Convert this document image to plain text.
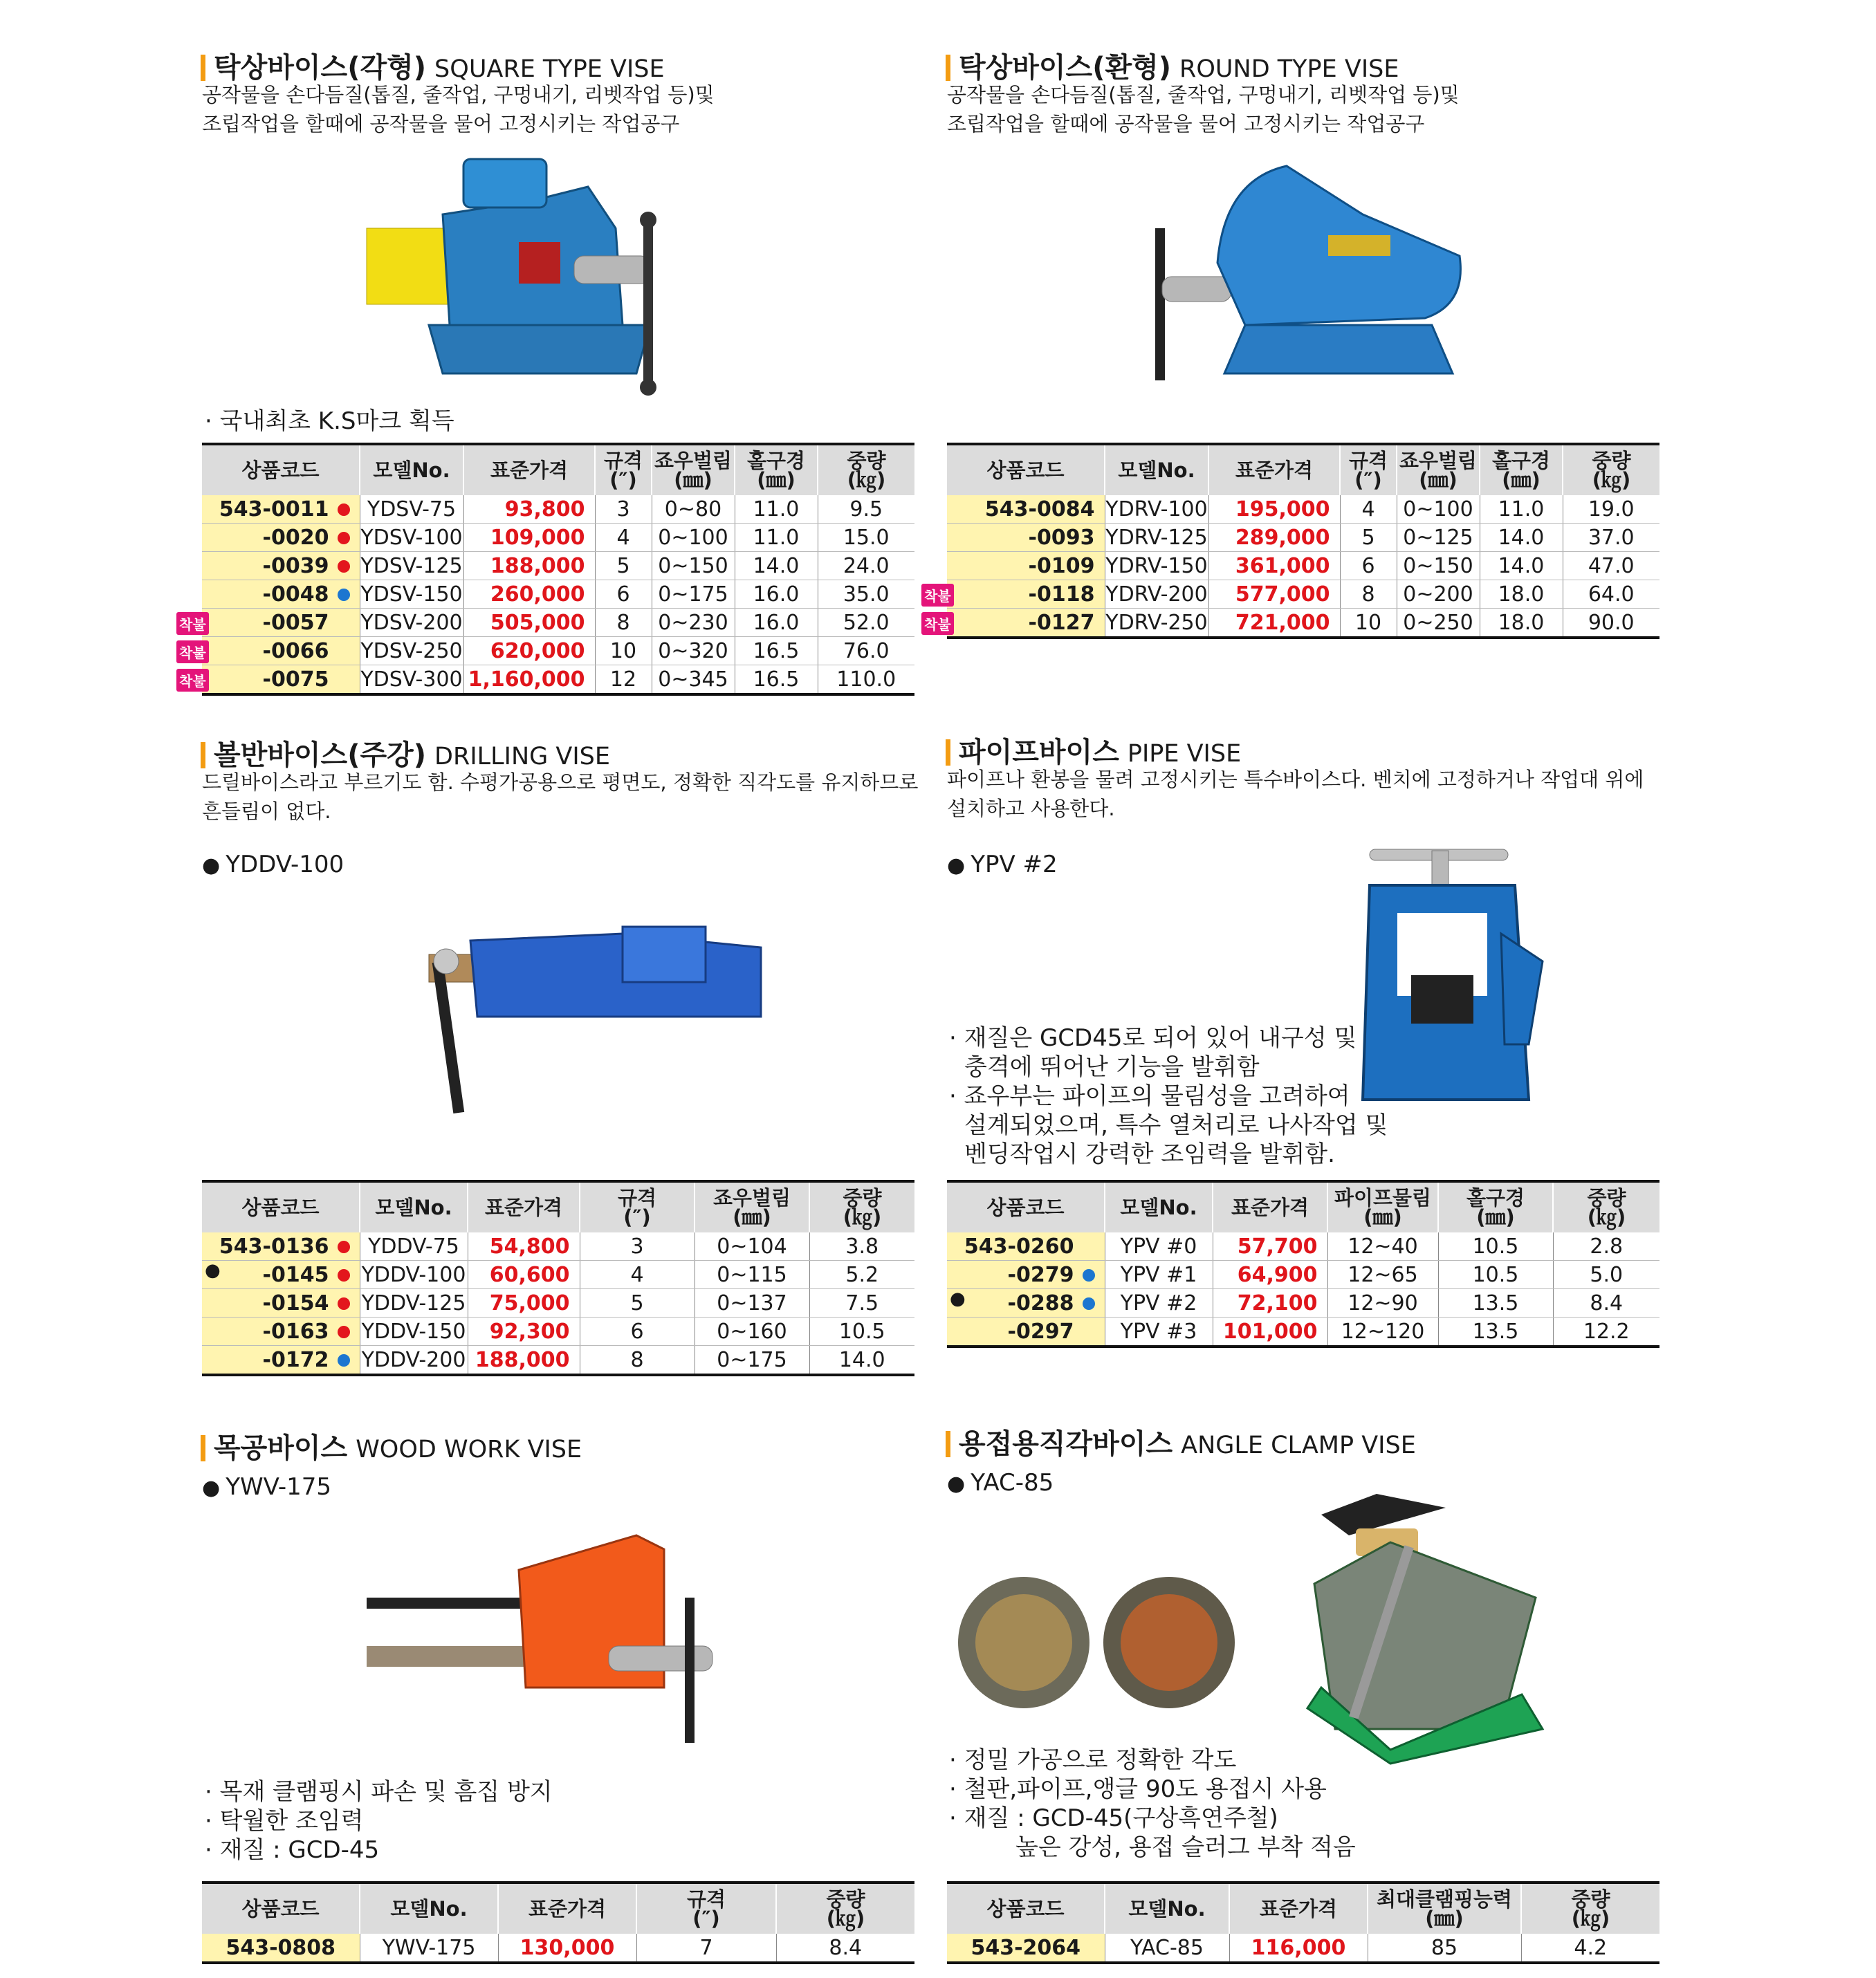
탁상바이스(각형) SQUARE TYPE VISE
공작물을 손다듬질(톱질, 줄작업, 구멍내기, 리벳작업 등)및
조립작업을 할때에 공작물을 물어 고정시키는 작업공구
· 국내최초 K.S마크 획득
상품코드	모델No.	표준가격	규격
(″)	죠우벌림
(㎜)	홀구경
(㎜)	중량
(㎏)
543-0011	YDSV-75	93,800	3	0~80	11.0	9.5
-0020	YDSV-100	109,000	4	0~100	11.0	15.0
-0039	YDSV-125	188,000	5	0~150	14.0	24.0
-0048	YDSV-150	260,000	6	0~175	16.0	35.0
-0057	YDSV-200	505,000	8	0~230	16.0	52.0
-0066	YDSV-250	620,000	10	0~320	16.5	76.0
-0075	YDSV-300	1,160,000	12	0~345	16.5	110.0
착불
착불
착불
탁상바이스(환형) ROUND TYPE VISE
공작물을 손다듬질(톱질, 줄작업, 구멍내기, 리벳작업 등)및
조립작업을 할때에 공작물을 물어 고정시키는 작업공구
상품코드	모델No.	표준가격	규격
(″)	죠우벌림
(㎜)	홀구경
(㎜)	중량
(㎏)
543-0084	YDRV-100	195,000	4	0~100	11.0	19.0
-0093	YDRV-125	289,000	5	0~125	14.0	37.0
-0109	YDRV-150	361,000	6	0~150	14.0	47.0
-0118	YDRV-200	577,000	8	0~200	18.0	64.0
-0127	YDRV-250	721,000	10	0~250	18.0	90.0
착불
착불
볼반바이스(주강) DRILLING VISE
드릴바이스라고 부르기도 함. 수평가공용으로 평면도, 정확한 직각도를 유지하므로
흔들림이 없다.
● YDDV-100
상품코드	모델No.	표준가격	규격
(″)	죠우벌림
(㎜)	중량
(㎏)
543-0136	YDDV-75	54,800	3	0~104	3.8
-0145	YDDV-100	60,600	4	0~115	5.2
-0154	YDDV-125	75,000	5	0~137	7.5
-0163	YDDV-150	92,300	6	0~160	10.5
-0172	YDDV-200	188,000	8	0~175	14.0
●
파이프바이스 PIPE VISE
파이프나 환봉을 물려 고정시키는 특수바이스다. 벤치에 고정하거나 작업대 위에
설치하고 사용한다.
● YPV #2
· 재질은 GCD45로 되어 있어 내구성 및
충격에 뛰어난 기능을 발휘함
· 죠우부는 파이프의 물림성을 고려하여
설계되었으며, 특수 열처리로 나사작업 및
벤딩작업시 강력한 조임력을 발휘함.
상품코드	모델No.	표준가격	파이프물림
(㎜)	홀구경
(㎜)	중량
(㎏)
543-0260	YPV #0	57,700	12~40	10.5	2.8
-0279	YPV #1	64,900	12~65	10.5	5.0
-0288	YPV #2	72,100	12~90	13.5	8.4
-0297	YPV #3	101,000	12~120	13.5	12.2
●
목공바이스 WOOD WORK VISE
● YWV-175
· 목재 클램핑시 파손 및 흠집 방지
· 탁월한 조임력
· 재질 : GCD-45
상품코드	모델No.	표준가격	규격
(″)	중량
(㎏)
543-0808	YWV-175	130,000	7	8.4
용접용직각바이스 ANGLE CLAMP VISE
● YAC-85
· 정밀 가공으로 정확한 각도
· 철판,파이프,앵글 90도 용접시 사용
· 재질 : GCD-45(구상흑연주철)
높은 강성, 용접 슬러그 부착 적음
상품코드	모델No.	표준가격	최대클램핑능력
(㎜)	중량
(㎏)
543-2064	YAC-85	116,000	85	4.2
